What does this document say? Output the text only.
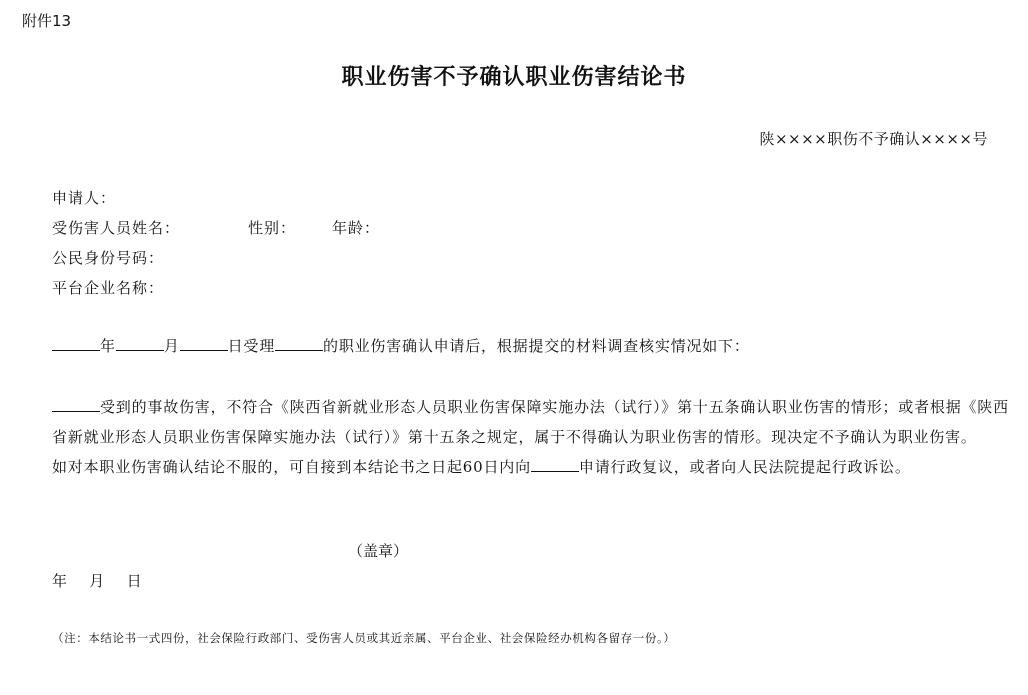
附件13
职业伤害不予确认职业伤害结论书
陕××××职伤不予确认××××号
申请人：
受伤害人员姓名：	性别： 年龄：
公民身份号码：
平台企业名称：
年	月	日受理	的职业伤害确认申请后，根据提交的材料调查核实情况如下：
受到的事故伤害，不符合《陕西省新就业形态人员职业伤害保障实施办法（试行）》第十五条确认职业伤害的情形；或者根据《陕西省新就业形态人员职业伤害保障实施办法（试行）》第十五条之规定，属于不得确认为职业伤害的情形。现决定不予确认为职业伤害。
如对本职业伤害确认结论不服的，可自接到本结论书之日起60日内向	申请行政复议，或者向人民法院提起行政诉讼。
（盖章）
年   月   日
（注：本结论书一式四份，社会保险行政部门、受伤害人员或其近亲属、平台企业、社会保险经办机构各留存一份。）
